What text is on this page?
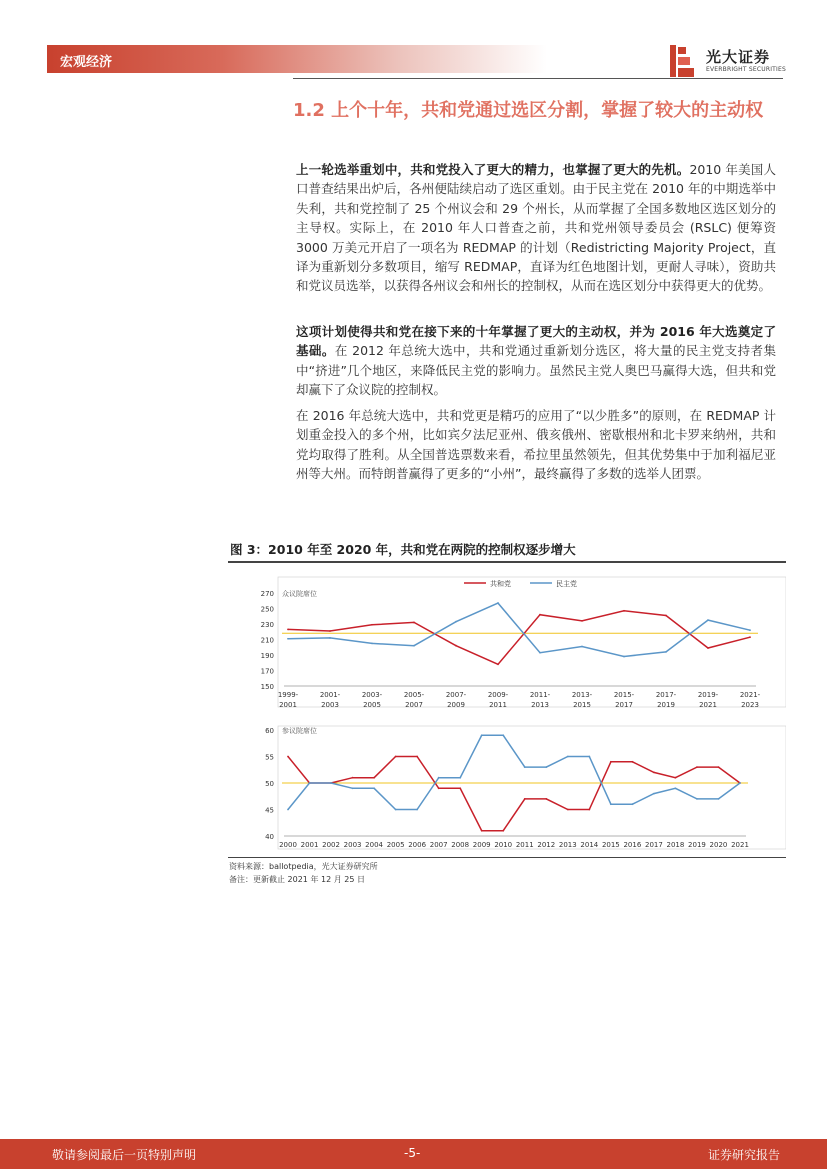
宏观经济	光大证券
EVERBRIGHT SECURITIES
1.2 上个十年，共和党通过选区分割，掌握了较大的主动权

上一轮选举重划中，共和党投入了更大的精力，也掌握了更大的先机。2010 年美国人口普查结果出炉后，各州便陆续启动了选区重划。由于民主党在 2010 年的中期选举中失利，共和党控制了 25 个州议会和 29 个州长，从而掌握了全国多数地区选区划分的主导权。实际上，在 2010 年人口普查之前，共和党州领导委员会 (RSLC) 便筹资 3000 万美元开启了一项名为 REDMAP 的计划（Redistricting Majority Project，直译为重新划分多数项目，缩写 REDMAP，直译为红色地图计划，更耐人寻味），资助共和党议员选举，以获得各州议会和州长的控制权，从而在选区划分中获得更大的优势。

这项计划使得共和党在接下来的十年掌握了更大的主动权，并为 2016 年大选奠定了基础。在 2012 年总统大选中，共和党通过重新划分选区，将大量的民主党支持者集中“挤进”几个地区，来降低民主党的影响力。虽然民主党人奥巴马赢得大选，但共和党却赢下了众议院的控制权。

在 2016 年总统大选中，共和党更是精巧的应用了“以少胜多”的原则，在 REDMAP 计划重金投入的多个州，比如宾夕法尼亚州、俄亥俄州、密歇根州和北卡罗来纳州，共和党均取得了胜利。从全国普选票数来看，希拉里虽然领先，但其优势集中于加利福尼亚州等大州。而特朗普赢得了更多的“小州”，最终赢得了多数的选举人团票。

图 3：2010 年至 2020 年，共和党在两院的控制权逐步增大
150
170
190
210
230
250
270 众议院席位
1999-
2001
2001-
2003
2003-
2005
2005-
2007
2007-
2009
2009-
2011
2011-
2013
2013-
2015
2015-
2017
2017-
2019
2019-
2021
2021-
2023
共和党	民主党
40
45
50
55
60 参议院席位
2000 2001 2002 2003 2004 2005 2006 2007 2008 2009 2010 2011 2012 2013 2014 2015 2016 2017 2018 2019 2020 2021
资料来源：ballotpedia，光大证券研究所
备注：更新截止 2021 年 12 月 25 日
敬请参阅最后一页特别声明	-5-	证券研究报告
